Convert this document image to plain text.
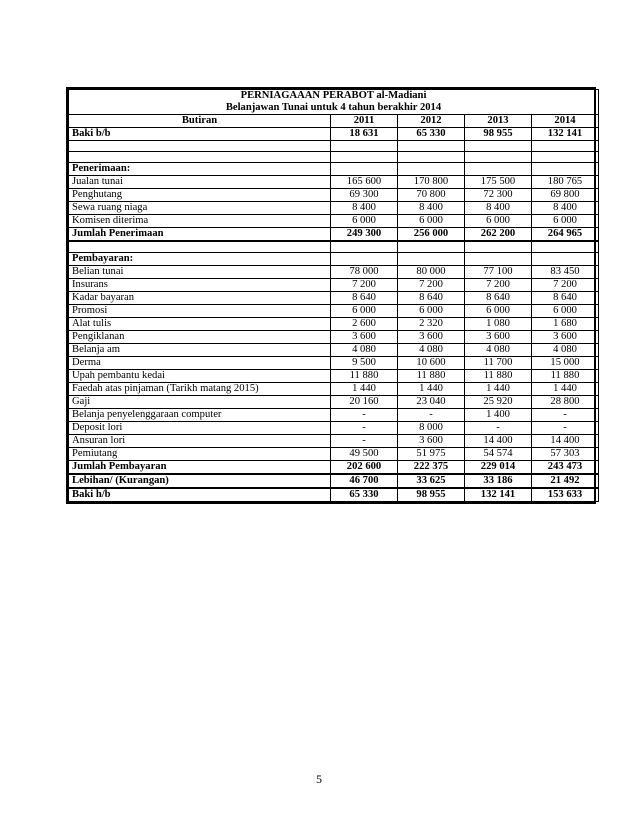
PERNIAGAAAN PERABOT al-Madiani				
Belanjawan Tunai untuk 4 tahun berakhir 2014				
Butiran	2011	2012	2013	2014
Baki b/b	18 631	65 330	98 955	132 141

Penerimaan:				
Jualan tunai	165 600	170 800	175 500	180 765
Penghutang	69 300	70 800	72 300	69 800
Sewa ruang niaga	8 400	8 400	8 400	8 400
Komisen diterima	6 000	6 000	6 000	6 000
Jumlah Penerimaan	249 300	256 000	262 200	264 965

Pembayaran:				
Belian tunai	78 000	80 000	77 100	83 450
Insurans	7 200	7 200	7 200	7 200
Kadar bayaran	8 640	8 640	8 640	8 640
Promosi	6 000	6 000	6 000	6 000
Alat tulis	2 600	2 320	1 080	1 680
Pengiklanan	3 600	3 600	3 600	3 600
Belanja am	4 080	4 080	4 080	4 080
Derma	9 500	10 600	11 700	15 000
Upah pembantu kedai	11 880	11 880	11 880	11 880
Faedah atas pinjaman (Tarikh matang 2015)	1 440	1 440	1 440	1 440
Gaji	20 160	23 040	25 920	28 800
Belanja penyelenggaraan computer	-	-	1 400	-
Deposit lori	-	8 000	-	-
Ansuran lori	-	3 600	14 400	14 400
Pemiutang	49 500	51 975	54 574	57 303
Jumlah Pembayaran	202 600	222 375	229 014	243 473
Lebihan/ (Kurangan)	46 700	33 625	33 186	21 492
Baki h/b	65 330	98 955	132 141	153 633
5
